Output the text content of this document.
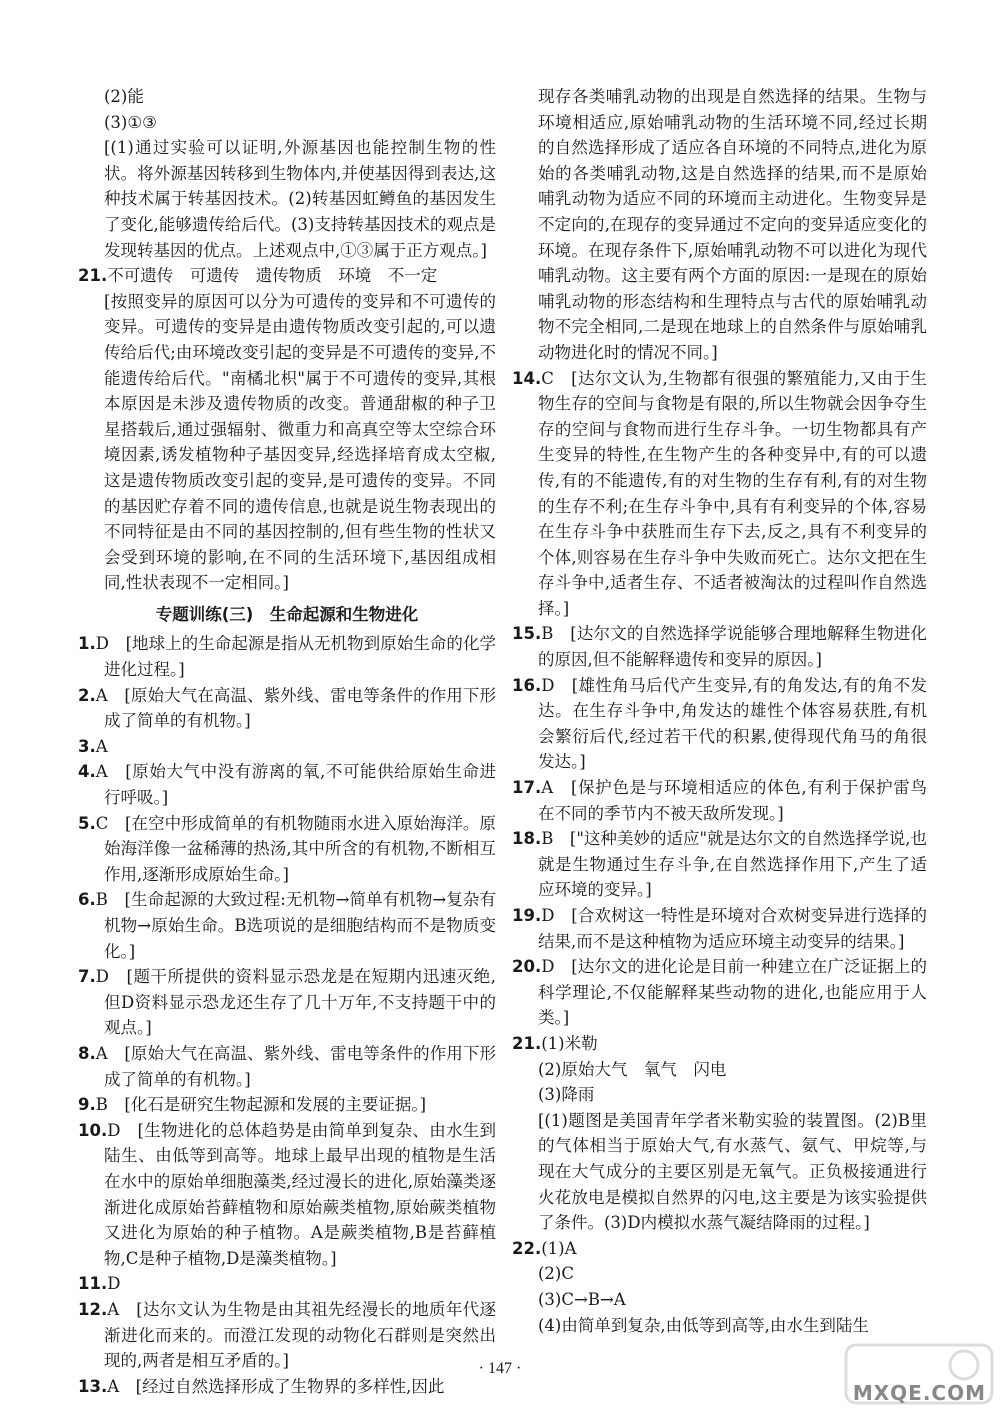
(2)能

(3)①③

[(1)通过实验可以证明,外源基因也能控制生物的性状。将外源基因转移到生物体内,并使基因得到表达,这种技术属于转基因技术。(2)转基因虹鳟鱼的基因发生了变化,能够遗传给后代。(3)支持转基因技术的观点是发现转基因的优点。上述观点中,①③属于正方观点。]

21.不可遗传　可遗传　遗传物质　环境　不一定

[按照变异的原因可以分为可遗传的变异和不可遗传的变异。可遗传的变异是由遗传物质改变引起的,可以遗传给后代;由环境改变引起的变异是不可遗传的变异,不能遗传给后代。"南橘北枳"属于不可遗传的变异,其根本原因是未涉及遗传物质的改变。普通甜椒的种子卫星搭载后,通过强辐射、微重力和高真空等太空综合环境因素,诱发植物种子基因变异,经选择培育成太空椒,这是遗传物质改变引起的变异,是可遗传的变异。不同的基因贮存着不同的遗传信息,也就是说生物表现出的不同特征是由不同的基因控制的,但有些生物的性状又会受到环境的影响,在不同的生活环境下,基因组成相同,性状表现不一定相同。]

专题训练(三)　生命起源和生物进化

1.D　[地球上的生命起源是指从无机物到原始生命的化学进化过程。]

2.A　[原始大气在高温、紫外线、雷电等条件的作用下形成了简单的有机物。]

3.A

4.A　[原始大气中没有游离的氧,不可能供给原始生命进行呼吸。]

5.C　[在空中形成简单的有机物随雨水进入原始海洋。原始海洋像一盆稀薄的热汤,其中所含的有机物,不断相互作用,逐渐形成原始生命。]

6.B　[生命起源的大致过程:无机物→简单有机物→复杂有机物→原始生命。B选项说的是细胞结构而不是物质变化。]

7.D　[题干所提供的资料显示恐龙是在短期内迅速灭绝,但D资料显示恐龙还生存了几十万年,不支持题干中的观点。]

8.A　[原始大气在高温、紫外线、雷电等条件的作用下形成了简单的有机物。]

9.B　[化石是研究生物起源和发展的主要证据。]

10.D　[生物进化的总体趋势是由简单到复杂、由水生到陆生、由低等到高等。地球上最早出现的植物是生活在水中的原始单细胞藻类,经过漫长的进化,原始藻类逐渐进化成原始苔藓植物和原始蕨类植物,原始蕨类植物又进化为原始的种子植物。A是蕨类植物,B是苔藓植物,C是种子植物,D是藻类植物。]

11.D

12.A　[达尔文认为生物是由其祖先经漫长的地质年代逐渐进化而来的。而澄江发现的动物化石群则是突然出现的,两者是相互矛盾的。]

13.A　[经过自然选择形成了生物界的多样性,因此

现存各类哺乳动物的出现是自然选择的结果。生物与环境相适应,原始哺乳动物的生活环境不同,经过长期的自然选择形成了适应各自环境的不同特点,进化为原始的各类哺乳动物,这是自然选择的结果,而不是原始哺乳动物为适应不同的环境而主动进化。生物变异是不定向的,在现存的变异通过不定向的变异适应变化的环境。在现存条件下,原始哺乳动物不可以进化为现代哺乳动物。这主要有两个方面的原因:一是现在的原始哺乳动物的形态结构和生理特点与古代的原始哺乳动物不完全相同,二是现在地球上的自然条件与原始哺乳动物进化时的情况不同。]

14.C　[达尔文认为,生物都有很强的繁殖能力,又由于生物生存的空间与食物是有限的,所以生物就会因争夺生存的空间与食物而进行生存斗争。一切生物都具有产生变异的特性,在生物产生的各种变异中,有的可以遗传,有的不能遗传,有的对生物的生存有利,有的对生物的生存不利;在生存斗争中,具有有利变异的个体,容易在生存斗争中获胜而生存下去,反之,具有不利变异的个体,则容易在生存斗争中失败而死亡。达尔文把在生存斗争中,适者生存、不适者被淘汰的过程叫作自然选择。]

15.B　[达尔文的自然选择学说能够合理地解释生物进化的原因,但不能解释遗传和变异的原因。]

16.D　[雄性角马后代产生变异,有的角发达,有的角不发达。在生存斗争中,角发达的雄性个体容易获胜,有机会繁衍后代,经过若干代的积累,使得现代角马的角很发达。]

17.A　[保护色是与环境相适应的体色,有利于保护雷鸟在不同的季节内不被天敌所发现。]

18.B　["这种美妙的适应"就是达尔文的自然选择学说,也就是生物通过生存斗争,在自然选择作用下,产生了适应环境的变异。]

19.D　[合欢树这一特性是环境对合欢树变异进行选择的结果,而不是这种植物为适应环境主动变异的结果。]

20.D　[达尔文的进化论是目前一种建立在广泛证据上的科学理论,不仅能解释某些动物的进化,也能应用于人类。]

21.(1)米勒

(2)原始大气　氧气　闪电

(3)降雨

[(1)题图是美国青年学者米勒实验的装置图。(2)B里的气体相当于原始大气,有水蒸气、氨气、甲烷等,与现在大气成分的主要区别是无氧气。正负极接通进行火花放电是模拟自然界的闪电,这主要是为该实验提供了条件。(3)D内模拟水蒸气凝结降雨的过程。]

22.(1)A

(2)C

(3)C→B→A

(4)由简单到复杂,由低等到高等,由水生到陆生

· 147 ·
MXQE.COM
